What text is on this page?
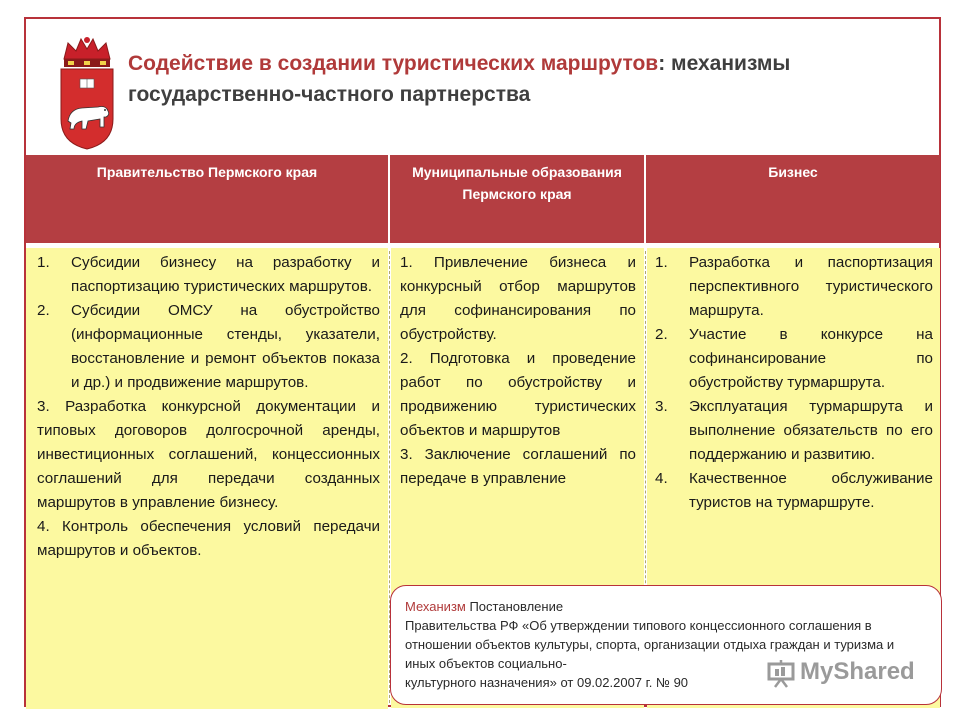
Содействие в создании туристических маршрутов: механизмы государственно-частного партнерства
Правительство Пермского края	Муниципальные образования Пермского края
Бизнес
1. Субсидии бизнесу на разработку и паспортизацию туристических маршрутов.
2. Субсидии ОМСУ на обустройство (информационные стенды, указатели, восстановление и ремонт объектов показа и др.) и продвижение маршрутов.
3. Разработка конкурсной документации и типовых договоров долгосрочной аренды, инвестиционных соглашений, концессионных соглашений для передачи созданных маршрутов в управление бизнесу.
4. Контроль обеспечения условий передачи маршрутов и объектов.
1. Привлечение бизнеса и конкурсный отбор маршрутов для софинансирования по обустройству.
2. Подготовка и проведение работ по обустройству и продвижению туристических объектов и маршрутов
3. Заключение соглашений по передаче в управление
1. Разработка и паспортизация перспективного туристического маршрута.
2. Участие в конкурсе на софинансирование по обустройству турмаршрута.
3. Эксплуатация турмаршрута и выполнение обязательств по его поддержанию и развитию.
4. Качественное обслуживание туристов на турмаршруте.
Механизм Постановление
Правительства РФ «Об утверждении типового концессионного соглашения в отношении объектов культуры, спорта, организации отдыха граждан и туризма и иных объектов социально-
культурного назначения» от 09.02.2007 г. № 90	MyShared
